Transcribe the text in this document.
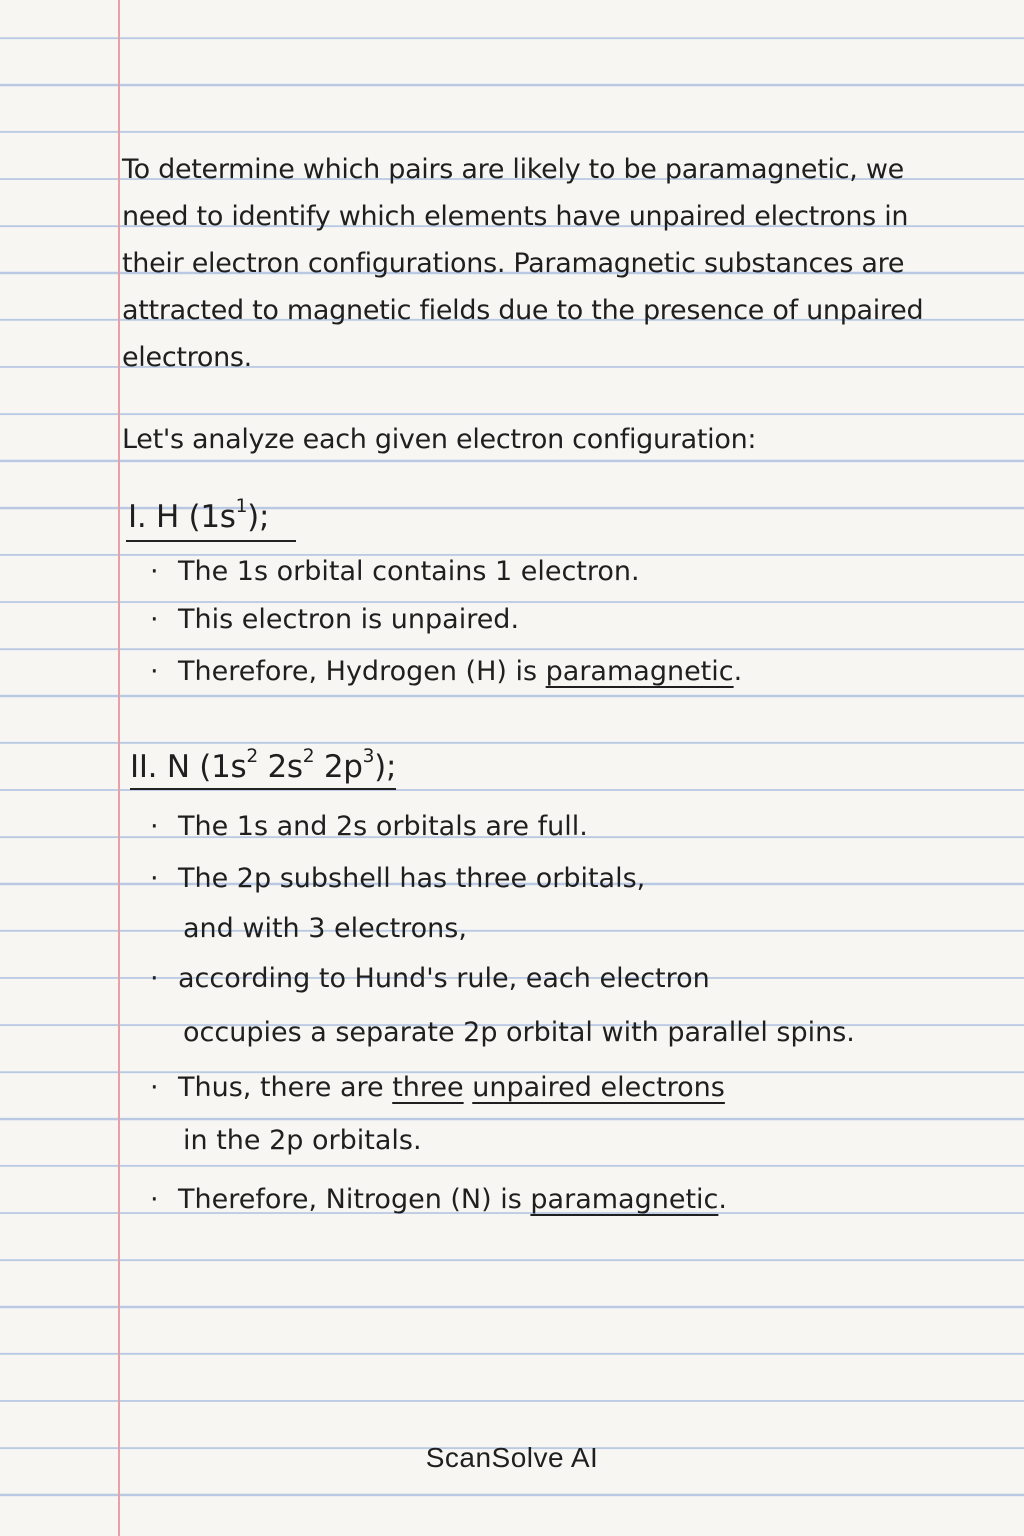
To determine which pairs are likely to be paramagnetic, we
need to identify which elements have unpaired electrons in
their electron configurations. Paramagnetic substances are
attracted to magnetic fields due to the presence of unpaired
electrons.
Let's analyze each given electron configuration:
I. H $(1s^1)$;
· The 1s orbital contains 1 electron.
· This electron is unpaired.
· Therefore, Hydrogen (H) is paramagnetic.
II. N ($1s^2$ $2s^2$ $2p^3$);
· The 1s and 2s orbitals are full.
· The 2p subshell has three orbitals,
and with 3 electrons,
· according to Hund's rule, each electron
occupies a separate 2p orbital with parallel spins.
· Thus, there are three unpaired electrons
in the 2p orbitals.
· Therefore, Nitrogen (N) is paramagnetic.
ScanSolve AI
